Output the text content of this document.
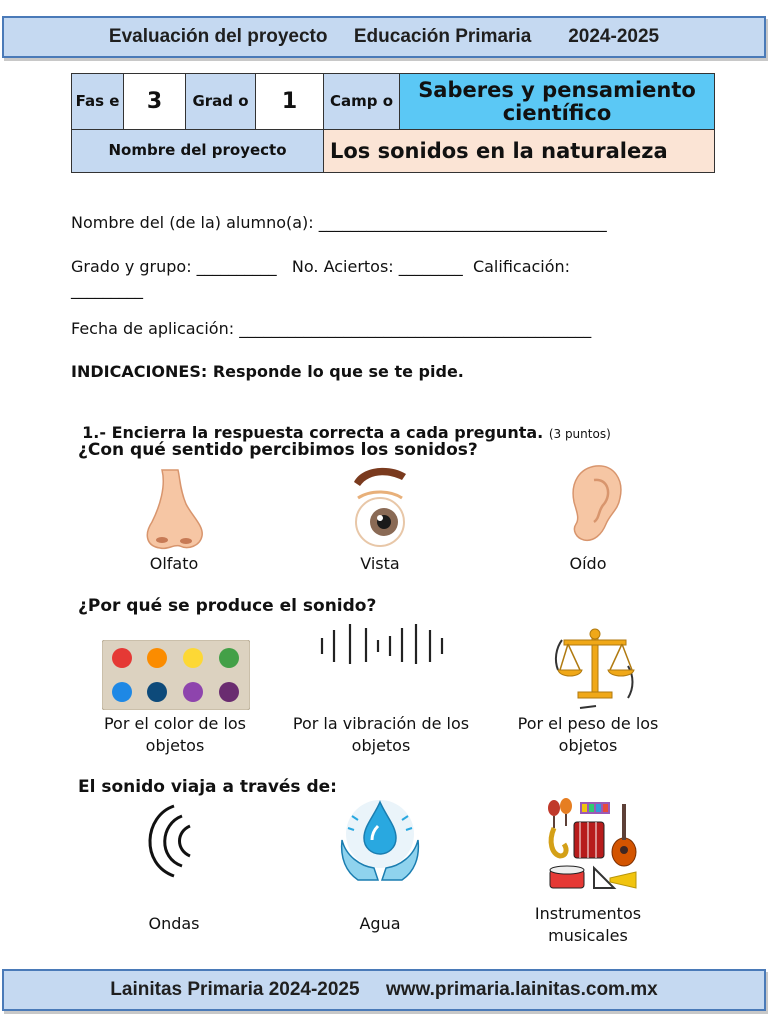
Evaluación del proyecto
Educación Primaria
2024-2025
Fas e	3	Grad o	1	Camp o	Saberes y pensamiento científico
Nombre del proyecto				Los sonidos en la naturaleza	
Nombre del (de la) alumno(a): ____________________________________
Grado y grupo: __________   No. Aciertos: ________  Calificación:
_________
Fecha de aplicación: ____________________________________________
INDICACIONES: Responde lo que se te pide.

1.- Encierra la respuesta correcta a cada pregunta. (3 puntos)

¿Con qué sentido percibimos los sonidos?
Olfato	Vista	Oído
¿Por qué se produce el sonido?
Por el color de los objetos
Por la vibración de los objetos
Por el peso de los objetos
El sonido viaja a través de:
Ondas	Agua
Instrumentos musicales
Lainitas Primaria 2024-2025
www.primaria.lainitas.com.mx
